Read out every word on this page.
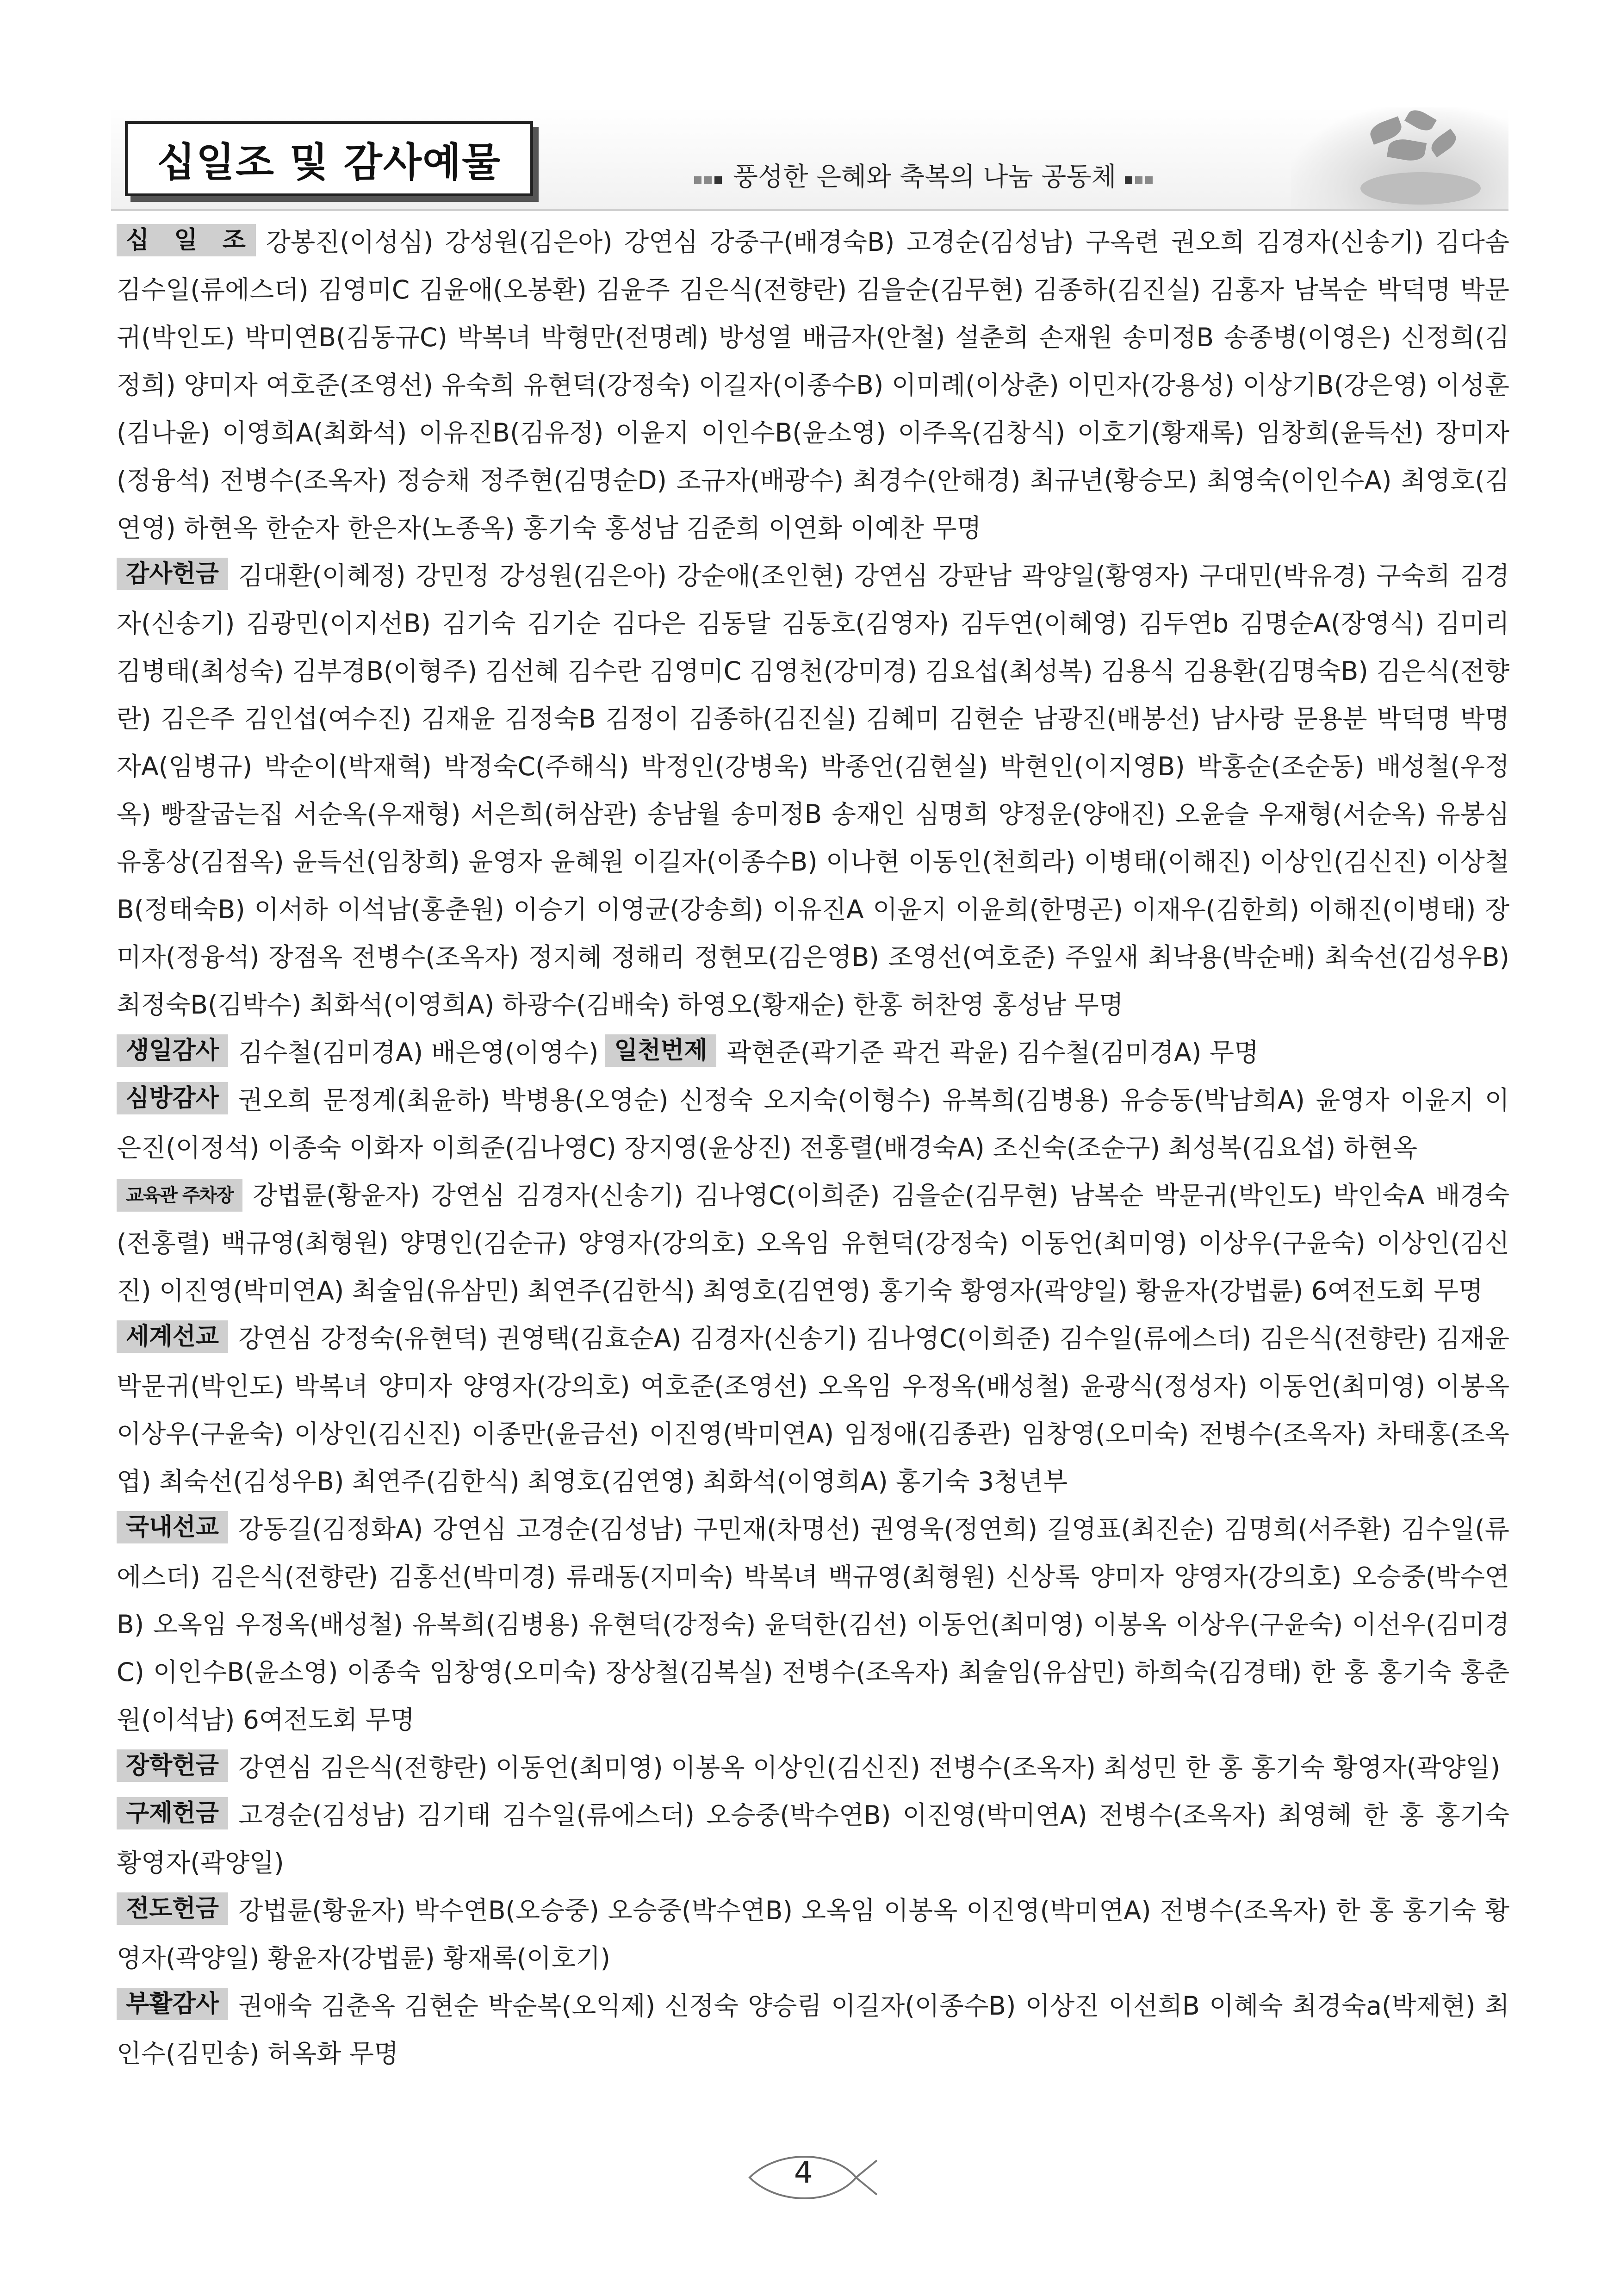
십일조 및 감사예물	풍성한 은혜와 축복의 나눔 공동체

십 일 조 강봉진(이성심) 강성원(김은아) 강연심 강중구(배경숙B) 고경순(김성남) 구옥련 권오희 김경자(신송기) 김다솜 김수일(류에스더) 김영미C 김윤애(오봉환) 김윤주 김은식(전향란) 김을순(김무현) 김종하(김진실) 김홍자 남복순 박덕명 박문귀(박인도) 박미연B(김동규C) 박복녀 박형만(전명례) 방성열 배금자(안철) 설춘희 손재원 송미정B 송종병(이영은) 신정희(김정희) 양미자 여호준(조영선) 유숙희 유현덕(강정숙) 이길자(이종수B) 이미례(이상춘) 이민자(강용성) 이상기B(강은영) 이성훈(김나윤) 이영희A(최화석) 이유진B(김유정) 이윤지 이인수B(윤소영) 이주옥(김창식) 이호기(황재록) 임창희(윤득선) 장미자(정융석) 전병수(조옥자) 정승채 정주현(김명순D) 조규자(배광수) 최경수(안해경) 최규년(황승모) 최영숙(이인수A) 최영호(김연영) 하현옥 한순자 한은자(노종옥) 홍기숙 홍성남 김준희 이연화 이예찬 무명

감사헌금 김대환(이혜정) 강민정 강성원(김은아) 강순애(조인현) 강연심 강판남 곽양일(황영자) 구대민(박유경) 구숙희 김경자(신송기) 김광민(이지선B) 김기숙 김기순 김다은 김동달 김동호(김영자) 김두연(이혜영) 김두연b 김명순A(장영식) 김미리 김병태(최성숙) 김부경B(이형주) 김선혜 김수란 김영미C 김영천(강미경) 김요섭(최성복) 김용식 김용환(김명숙B) 김은식(전향란) 김은주 김인섭(여수진) 김재윤 김정숙B 김정이 김종하(김진실) 김혜미 김현순 남광진(배봉선) 남사랑 문용분 박덕명 박명자A(임병규) 박순이(박재혁) 박정숙C(주해식) 박정인(강병욱) 박종언(김현실) 박현인(이지영B) 박홍순(조순동) 배성철(우정옥) 빵잘굽는집 서순옥(우재형) 서은희(허삼관) 송남월 송미정B 송재인 심명희 양정운(양애진) 오윤슬 우재형(서순옥) 유봉심 유홍상(김점옥) 윤득선(임창희) 윤영자 윤혜원 이길자(이종수B) 이나현 이동인(천희라) 이병태(이해진) 이상인(김신진) 이상철B(정태숙B) 이서하 이석남(홍춘원) 이승기 이영균(강송희) 이유진A 이윤지 이윤희(한명곤) 이재우(김한희) 이해진(이병태) 장미자(정융석) 장점옥 전병수(조옥자) 정지혜 정해리 정현모(김은영B) 조영선(여호준) 주잎새 최낙용(박순배) 최숙선(김성우B) 최정숙B(김박수) 최화석(이영희A) 하광수(김배숙) 하영오(황재순) 한홍 허찬영 홍성남 무명

생일감사 김수철(김미경A) 배은영(이영수) 일천번제 곽현준(곽기준 곽건 곽윤) 김수철(김미경A) 무명

심방감사 권오희 문정계(최윤하) 박병용(오영순) 신정숙 오지숙(이형수) 유복희(김병용) 유승동(박남희A) 윤영자 이윤지 이은진(이정석) 이종숙 이화자 이희준(김나영C) 장지영(윤상진) 전홍렬(배경숙A) 조신숙(조순구) 최성복(김요섭) 하현옥

교육관 주차장 강법륜(황윤자) 강연심 김경자(신송기) 김나영C(이희준) 김을순(김무현) 남복순 박문귀(박인도) 박인숙A 배경숙(전홍렬) 백규영(최형원) 양명인(김순규) 양영자(강의호) 오옥임 유현덕(강정숙) 이동언(최미영) 이상우(구윤숙) 이상인(김신진) 이진영(박미연A) 최술임(유삼민) 최연주(김한식) 최영호(김연영) 홍기숙 황영자(곽양일) 황윤자(강법륜) 6여전도회 무명

세계선교 강연심 강정숙(유현덕) 권영택(김효순A) 김경자(신송기) 김나영C(이희준) 김수일(류에스더) 김은식(전향란) 김재윤 박문귀(박인도) 박복녀 양미자 양영자(강의호) 여호준(조영선) 오옥임 우정옥(배성철) 윤광식(정성자) 이동언(최미영) 이봉옥 이상우(구윤숙) 이상인(김신진) 이종만(윤금선) 이진영(박미연A) 임정애(김종관) 임창영(오미숙) 전병수(조옥자) 차태홍(조옥엽) 최숙선(김성우B) 최연주(김한식) 최영호(김연영) 최화석(이영희A) 홍기숙 3청년부

국내선교 강동길(김정화A) 강연심 고경순(김성남) 구민재(차명선) 권영욱(정연희) 길영표(최진순) 김명희(서주환) 김수일(류에스더) 김은식(전향란) 김홍선(박미경) 류래동(지미숙) 박복녀 백규영(최형원) 신상록 양미자 양영자(강의호) 오승중(박수연B) 오옥임 우정옥(배성철) 유복희(김병용) 유현덕(강정숙) 윤덕한(김선) 이동언(최미영) 이봉옥 이상우(구윤숙) 이선우(김미경C) 이인수B(윤소영) 이종숙 임창영(오미숙) 장상철(김복실) 전병수(조옥자) 최술임(유삼민) 하희숙(김경태) 한 홍 홍기숙 홍춘원(이석남) 6여전도회 무명

장학헌금 강연심 김은식(전향란) 이동언(최미영) 이봉옥 이상인(김신진) 전병수(조옥자) 최성민 한 홍 홍기숙 황영자(곽양일)

구제헌금 고경순(김성남) 김기태 김수일(류에스더) 오승중(박수연B) 이진영(박미연A) 전병수(조옥자) 최영혜 한 홍 홍기숙 황영자(곽양일)

전도헌금 강법륜(황윤자) 박수연B(오승중) 오승중(박수연B) 오옥임 이봉옥 이진영(박미연A) 전병수(조옥자) 한 홍 홍기숙 황영자(곽양일) 황윤자(강법륜) 황재록(이호기)

부활감사 권애숙 김춘옥 김현순 박순복(오익제) 신정숙 양승림 이길자(이종수B) 이상진 이선희B 이혜숙 최경숙a(박제현) 최인수(김민송) 허옥화 무명

4
